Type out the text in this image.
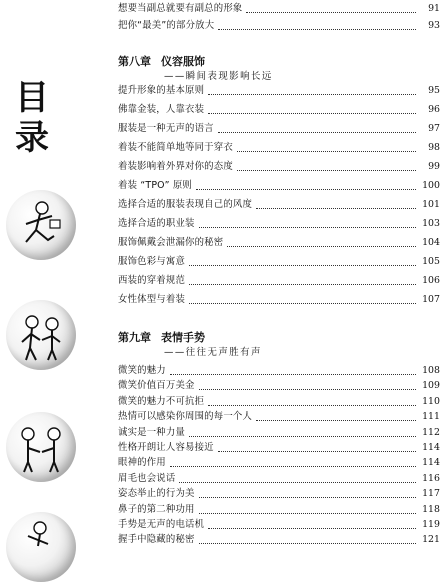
目
录
想要当副总就要有副总的形象	91
把你“最美”的部分放大	93
第八章 仪容服饰
——瞬间表现影响长远
提升形象的基本原则	95
佛靠金装，人靠衣装	96
服装是一种无声的语言	97
着装不能简单地等同于穿衣	98
着装影响着外界对你的态度	99
着装 “TPO” 原则	100
选择合适的服装表现自己的风度	101
选择合适的职业装	103
服饰佩戴会泄漏你的秘密	104
服饰色彩与寓意	105
西装的穿着规范	106
女性体型与着装	107
第九章 表情手势
——往往无声胜有声
微笑的魅力	108
微笑价值百万美金	109
微笑的魅力不可抗拒	110
热情可以感染你周围的每一个人	111
诚实是一种力量	112
性格开朗让人容易接近	114
眼神的作用	114
眉毛也会说话	116
姿态举止的行为美	117
鼻子的第二种功用	118
手势是无声的电话机	119
握手中隐藏的秘密	121
